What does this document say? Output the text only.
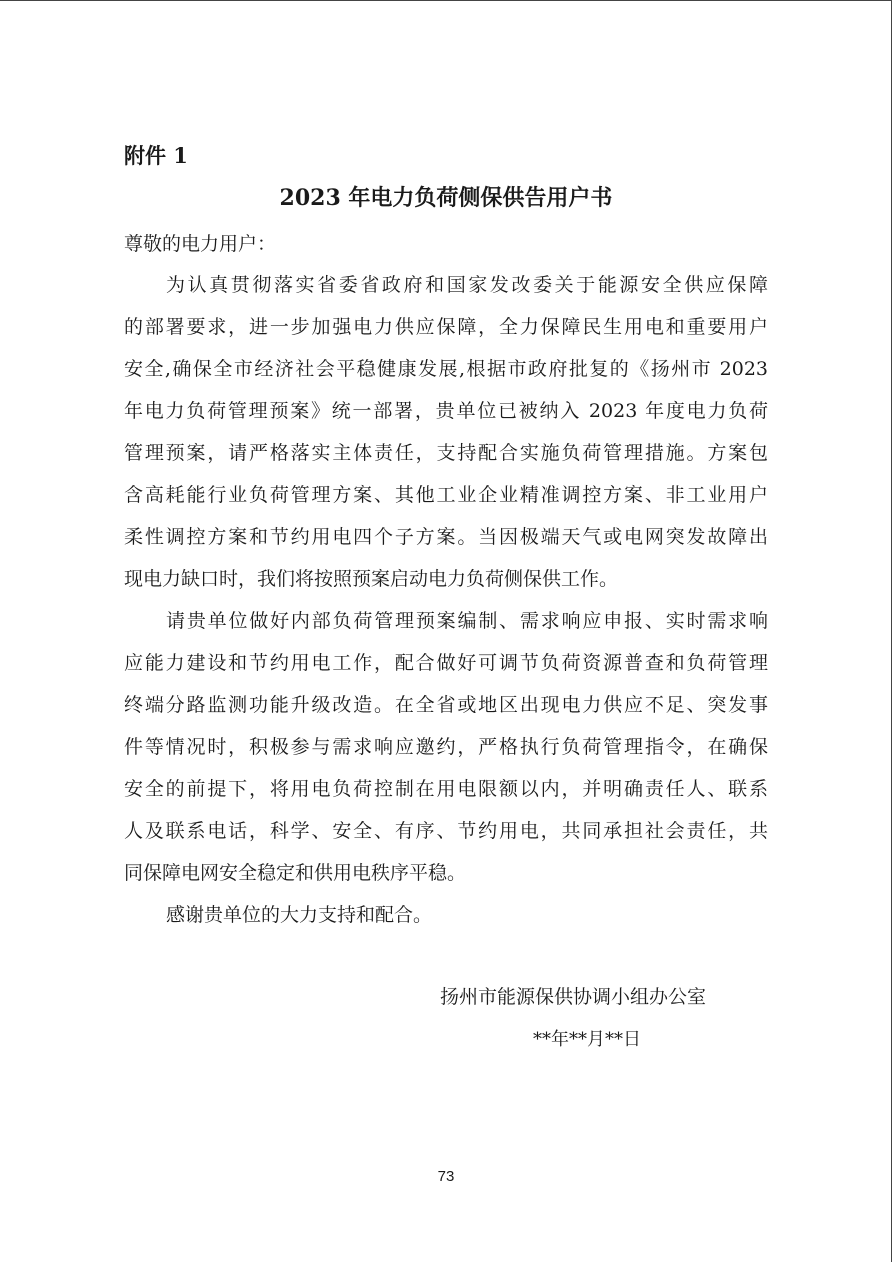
附件 1
2023 年电力负荷侧保供告用户书
尊敬的电力用户：
为认真贯彻落实省委省政府和国家发改委关于能源安全供应保障
的部署要求，进一步加强电力供应保障，全力保障民生用电和重要用户
安全,确保全市经济社会平稳健康发展,根据市政府批复的《扬州市 2023
年电力负荷管理预案》统一部署，贵单位已被纳入 2023 年度电力负荷
管理预案，请严格落实主体责任，支持配合实施负荷管理措施。方案包
含高耗能行业负荷管理方案、其他工业企业精准调控方案、非工业用户
柔性调控方案和节约用电四个子方案。当因极端天气或电网突发故障出
现电力缺口时，我们将按照预案启动电力负荷侧保供工作。
请贵单位做好内部负荷管理预案编制、需求响应申报、实时需求响
应能力建设和节约用电工作，配合做好可调节负荷资源普查和负荷管理
终端分路监测功能升级改造。在全省或地区出现电力供应不足、突发事
件等情况时，积极参与需求响应邀约，严格执行负荷管理指令，在确保
安全的前提下，将用电负荷控制在用电限额以内，并明确责任人、联系
人及联系电话，科学、安全、有序、节约用电，共同承担社会责任，共
同保障电网安全稳定和供用电秩序平稳。
感谢贵单位的大力支持和配合。
扬州市能源保供协调小组办公室
**年**月**日
73
